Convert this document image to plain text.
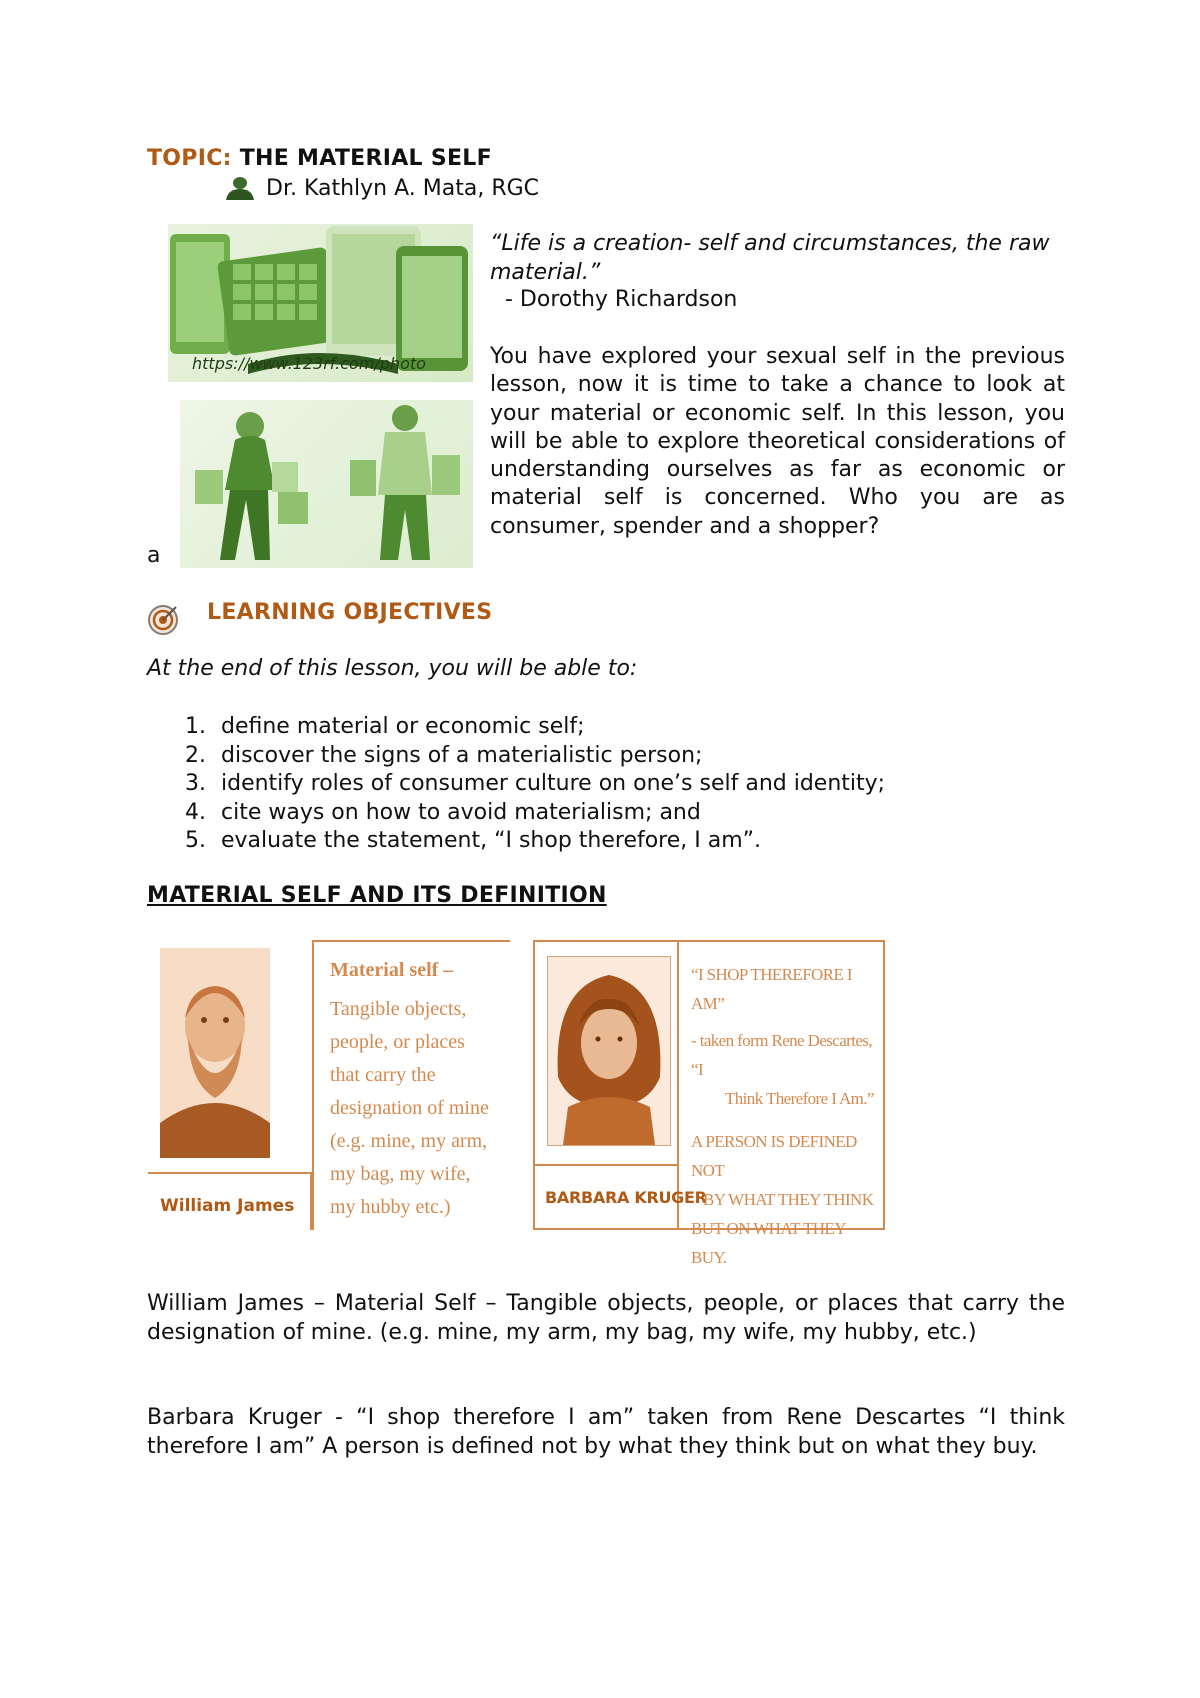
TOPIC: THE MATERIAL SELF
Dr. Kathlyn A. Mata, RGC
https://www.123rf.com/photo
“Life is a creation- self and circumstances, the raw material.”
- Dorothy Richardson

You have explored your sexual self in the previous lesson, now it is time to take a chance to look at your material or economic self. In this lesson, you will be able to explore theoretical considerations of understanding ourselves as far as economic or material self is concerned. Who you are as consumer, spender and a shopper?

a
LEARNING OBJECTIVES
At the end of this lesson, you will be able to:
1. define material or economic self;
2. discover the signs of a materialistic person;
3. identify roles of consumer culture on one’s self and identity;
4. cite ways on how to avoid materialism; and
5. evaluate the statement, “I shop therefore, I am”.
MATERIAL SELF AND ITS DEFINITION
William James
Material self –
Tangible objects,
people, or places
that carry the
designation of mine
(e.g. mine, my arm,
my bag, my wife,
my hubby etc.)	BARBARA KRUGER
“I SHOP THEREFORE I AM”
- taken form Rene Descartes, “I
Think Therefore I Am.”
A PERSON IS DEFINED NOT
BY WHAT THEY THINK
BUT ON WHAT THEY BUY.
William James – Material Self – Tangible objects, people, or places that carry the designation of mine. (e.g. mine, my arm, my bag, my wife, my hubby, etc.)
Barbara Kruger - “I shop therefore I am” taken from Rene Descartes “I think therefore I am” A person is defined not by what they think but on what they buy.
